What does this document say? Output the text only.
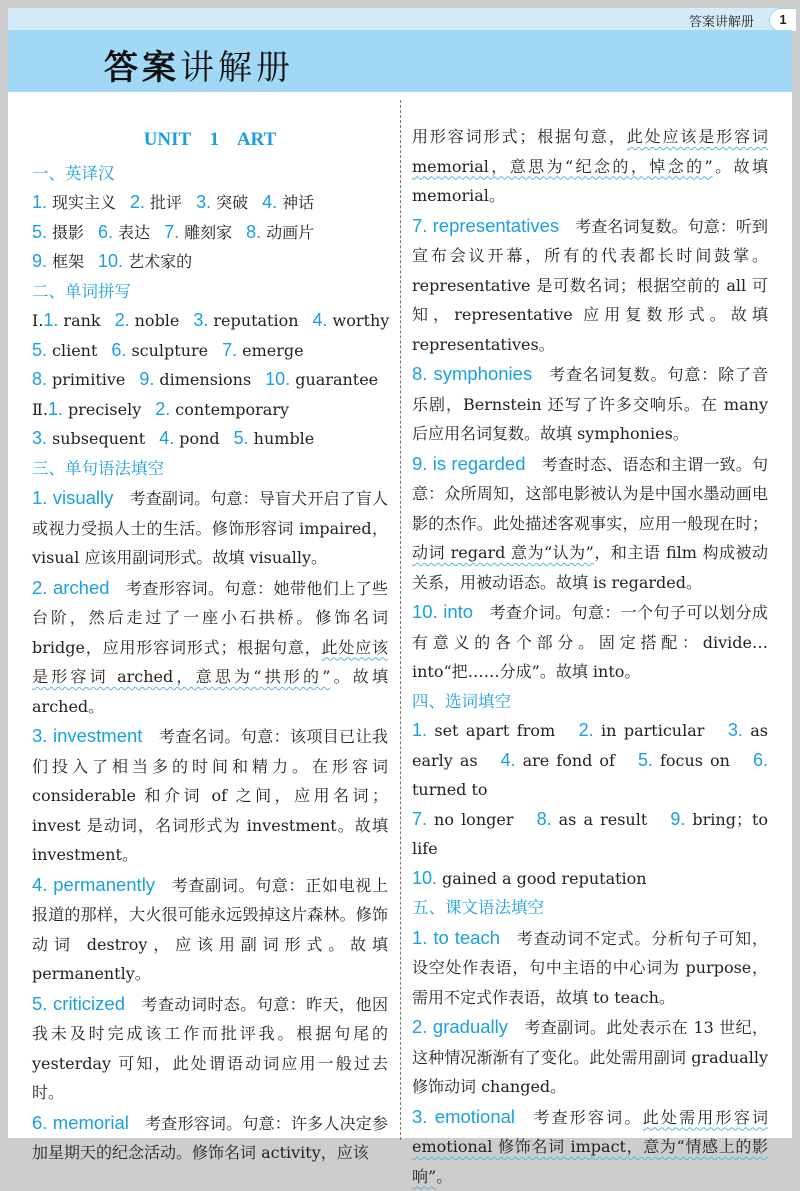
答案讲解册	1
答案讲解册
UNIT 1 ART
一、英译汉
1. 现实主义 2. 批评 3. 突破 4. 神话
5. 摄影 6. 表达 7. 雕刻家 8. 动画片
9. 框架 10. 艺术家的
二、单词拼写
Ⅰ.1. rank 2. noble 3. reputation 4. worthy
5. client 6. sculpture 7. emerge
8. primitive 9. dimensions 10. guarantee
Ⅱ.1. precisely 2. contemporary
3. subsequent 4. pond 5. humble
三、单句语法填空
1. visually 考查副词。句意：导盲犬开启了盲人或视力受损人士的生活。修饰形容词 impaired，visual 应该用副词形式。故填 visually。
2. arched 考查形容词。句意：她带他们上了些台阶，然后走过了一座小石拱桥。修饰名词 bridge，应用形容词形式；根据句意，此处应该是形容词 arched，意思为“拱形的”。故填 arched。
3. investment 考查名词。句意：该项目已让我们投入了相当多的时间和精力。在形容词 considerable 和介词 of 之间，应用名词；invest 是动词，名词形式为 investment。故填 investment。
4. permanently 考查副词。句意：正如电视上报道的那样，大火很可能永远毁掉这片森林。修饰动词 destroy，应该用副词形式。故填 permanently。
5. criticized 考查动词时态。句意：昨天，他因我未及时完成该工作而批评我。根据句尾的 yesterday 可知，此处谓语动词应用一般过去时。
6. memorial 考查形容词。句意：许多人决定参加星期天的纪念活动。修饰名词 activity，应该
用形容词形式；根据句意，此处应该是形容词 memorial，意思为“纪念的，悼念的”。故填 memorial。
7. representatives 考查名词复数。句意：听到宣布会议开幕，所有的代表都长时间鼓掌。representative 是可数名词；根据空前的 all 可知，representative 应用复数形式。故填 representatives。
8. symphonies 考查名词复数。句意：除了音乐剧，Bernstein 还写了许多交响乐。在 many 后应用名词复数。故填 symphonies。
9. is regarded 考查时态、语态和主谓一致。句意：众所周知，这部电影被认为是中国水墨动画电影的杰作。此处描述客观事实，应用一般现在时；动词 regard 意为“认为”，和主语 film 构成被动关系，用被动语态。故填 is regarded。
10. into 考查介词。句意：一个句子可以划分成有意义的各个部分。固定搭配：divide…into“把……分成”。故填 into。
四、选词填空
1. set apart from 2. in particular 3. as early as 4. are fond of 5. focus on 6. turned to
7. no longer 8. as a result 9. bring；to life
10. gained a good reputation
五、课文语法填空
1. to teach 考查动词不定式。分析句子可知，设空处作表语，句中主语的中心词为 purpose，需用不定式作表语，故填 to teach。
2. gradually 考查副词。此处表示在 13 世纪，这种情况渐渐有了变化。此处需用副词 gradually 修饰动词 changed。
3. emotional 考查形容词。此处需用形容词 emotional 修饰名词 impact，意为“情感上的影响”。
